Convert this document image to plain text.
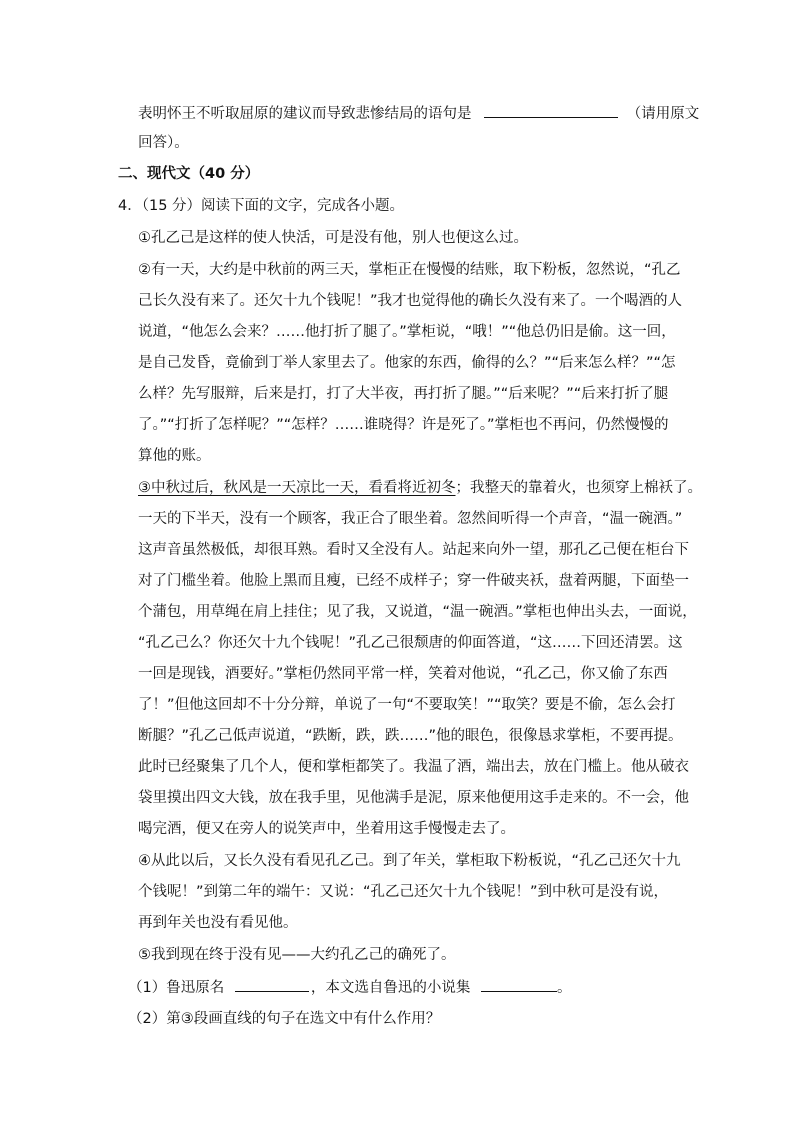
表明怀王不听取屈原的建议而导致悲惨结局的语句是	（请用原文
回答）。
二、现代文（40 分）
4．（15 分）阅读下面的文字，完成各小题。
①孔乙己是这样的使人快活，可是没有他，别人也便这么过。
②有一天，大约是中秋前的两三天，掌柜正在慢慢的结账，取下粉板，忽然说，“孔乙
己长久没有来了。还欠十九个钱呢！”我才也觉得他的确长久没有来了。一个喝酒的人
说道，“他怎么会来？……他打折了腿了。”掌柜说，“哦！”“他总仍旧是偷。这一回，
是自己发昏，竟偷到丁举人家里去了。他家的东西，偷得的么？”“后来怎么样？”“怎
么样？先写服辩，后来是打，打了大半夜，再打折了腿。”“后来呢？”“后来打折了腿
了。”“打折了怎样呢？”“怎样？……谁晓得？许是死了。”掌柜也不再问，仍然慢慢的
算他的账。
③中秋过后，秋风是一天凉比一天，看看将近初冬；我整天的靠着火，也须穿上棉袄了。
一天的下半天，没有一个顾客，我正合了眼坐着。忽然间听得一个声音，“温一碗酒。”
这声音虽然极低，却很耳熟。看时又全没有人。站起来向外一望，那孔乙己便在柜台下
对了门槛坐着。他脸上黑而且瘦，已经不成样子；穿一件破夹袄，盘着两腿，下面垫一
个蒲包，用草绳在肩上挂住；见了我，又说道，“温一碗酒。”掌柜也伸出头去，一面说，
“孔乙己么？你还欠十九个钱呢！”孔乙己很颓唐的仰面答道，“这……下回还清罢。这
一回是现钱，酒要好。”掌柜仍然同平常一样，笑着对他说，“孔乙己，你又偷了东西
了！”但他这回却不十分分辩，单说了一句“不要取笑！”“取笑？要是不偷，怎么会打
断腿？”孔乙己低声说道，“跌断，跌，跌……”他的眼色，很像恳求掌柜，不要再提。
此时已经聚集了几个人，便和掌柜都笑了。我温了酒，端出去，放在门槛上。他从破衣
袋里摸出四文大钱，放在我手里，见他满手是泥，原来他便用这手走来的。不一会，他
喝完酒，便又在旁人的说笑声中，坐着用这手慢慢走去了。
④从此以后，又长久没有看见孔乙己。到了年关，掌柜取下粉板说，“孔乙己还欠十九
个钱呢！”到第二年的端午：又说：“孔乙己还欠十九个钱呢！”到中秋可是没有说，
再到年关也没有看见他。
⑤我到现在终于没有见——大约孔乙己的确死了。
（1）鲁迅原名	，本文选自鲁迅的小说集	。
（2）第③段画直线的句子在选文中有什么作用？
